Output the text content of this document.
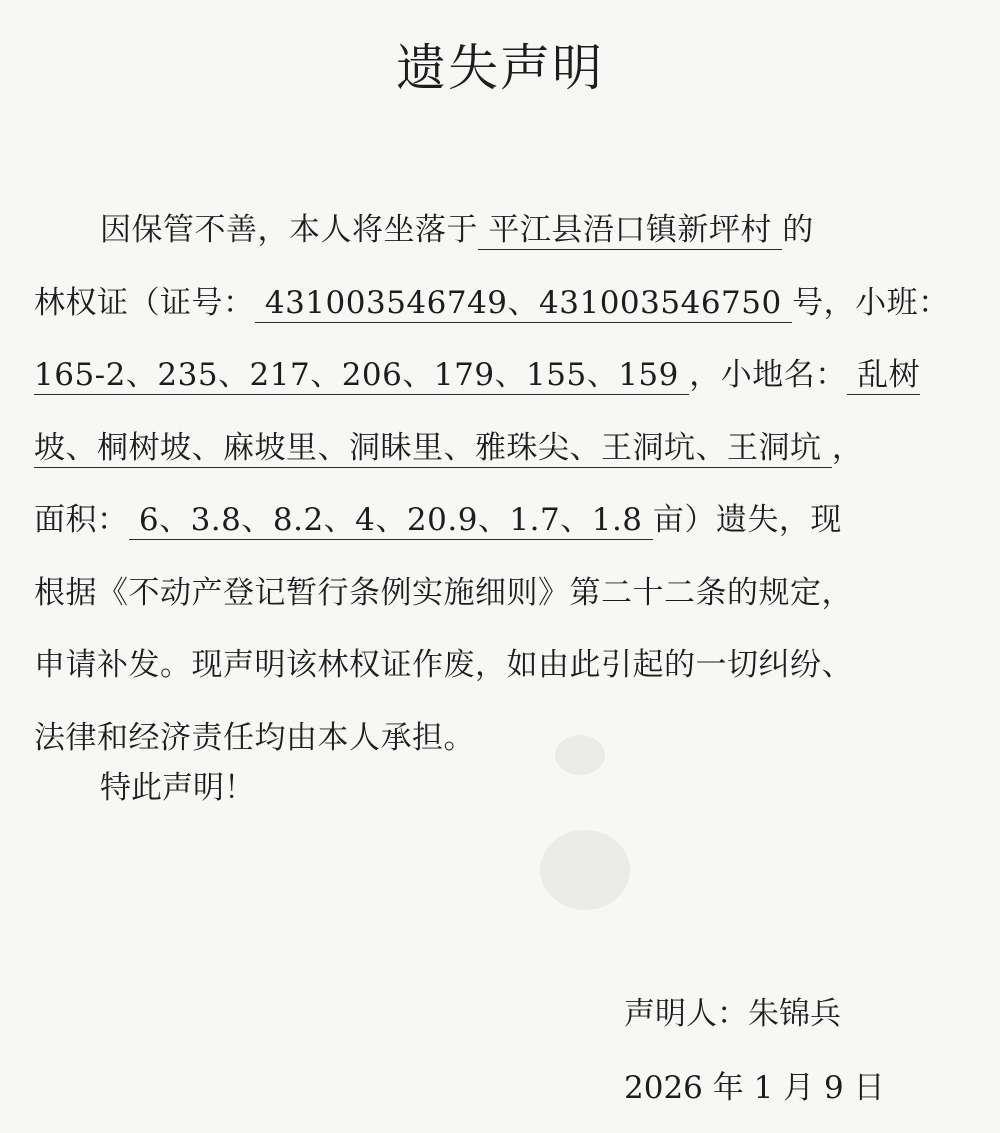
遗失声明
因保管不善，本人将坐落于 平江县浯口镇新坪村 的
林权证（证号： 431003546749、431003546750 号，小班：
165-2、235、217、206、179、155、159 ，小地名： 乱树
坡、桐树坡、麻坡里、洞眛里、雅珠尖、王洞坑、王洞坑 ，
面积： 6、3.8、8.2、4、20.9、1.7、1.8 亩）遗失，现
根据《不动产登记暂行条例实施细则》第二十二条的规定，
申请补发。现声明该林权证作废，如由此引起的一切纠纷、
法律和经济责任均由本人承担。
特此声明！
声明人：朱锦兵
2026 年 1 月 9 日
